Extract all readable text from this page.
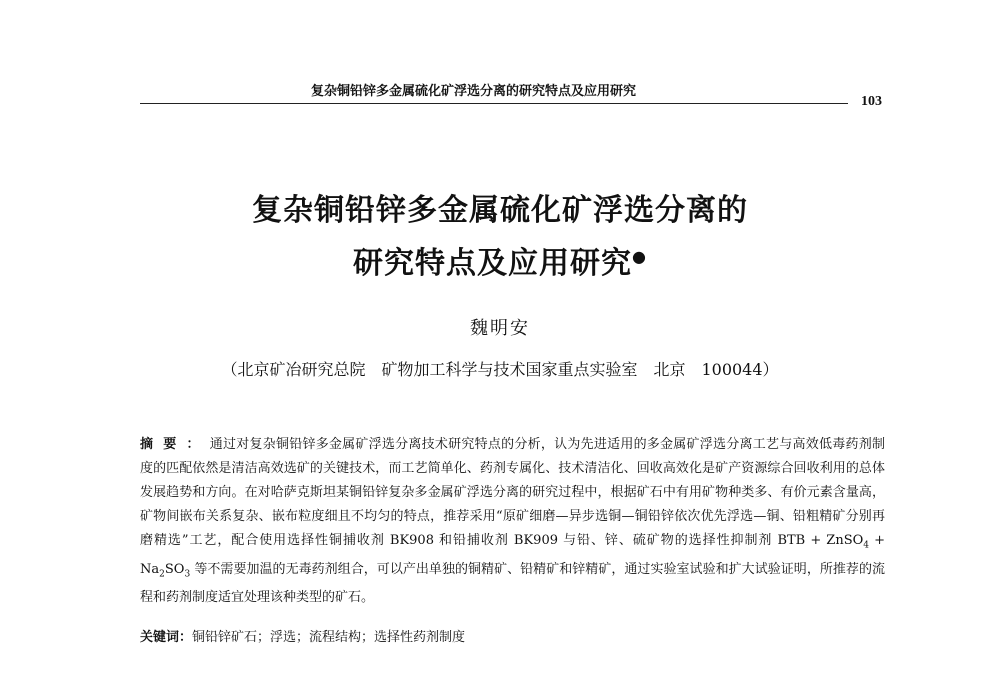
复杂铜铅锌多金属硫化矿浮选分离的研究特点及应用研究
103
复杂铜铅锌多金属硫化矿浮选分离的
研究特点及应用研究●
魏明安
（北京矿冶研究总院　矿物加工科学与技术国家重点实验室　北京　100044）
摘要：通过对复杂铜铅锌多金属矿浮选分离技术研究特点的分析，认为先进适用的多金属矿浮选分离工艺与高效低毒药剂制度的匹配依然是清洁高效选矿的关键技术，而工艺简单化、药剂专属化、技术清洁化、回收高效化是矿产资源综合回收利用的总体发展趋势和方向。在对哈萨克斯坦某铜铅锌复杂多金属矿浮选分离的研究过程中，根据矿石中有用矿物种类多、有价元素含量高，矿物间嵌布关系复杂、嵌布粒度细且不均匀的特点，推荐采用“原矿细磨—异步选铜—铜铅锌依次优先浮选—铜、铅粗精矿分别再磨精选”工艺，配合使用选择性铜捕收剂 BK908 和铅捕收剂 BK909 与铅、锌、硫矿物的选择性抑制剂 BTB + ZnSO$_4$ + $Na_2SO_3$ 等不需要加温的无毒药剂组合，可以产出单独的铜精矿、铅精矿和锌精矿，通过实验室试验和扩大试验证明，所推荐的流程和药剂制度适宜处理该种类型的矿石。
关键词：铜铅锌矿石；浮选；流程结构；选择性药剂制度
